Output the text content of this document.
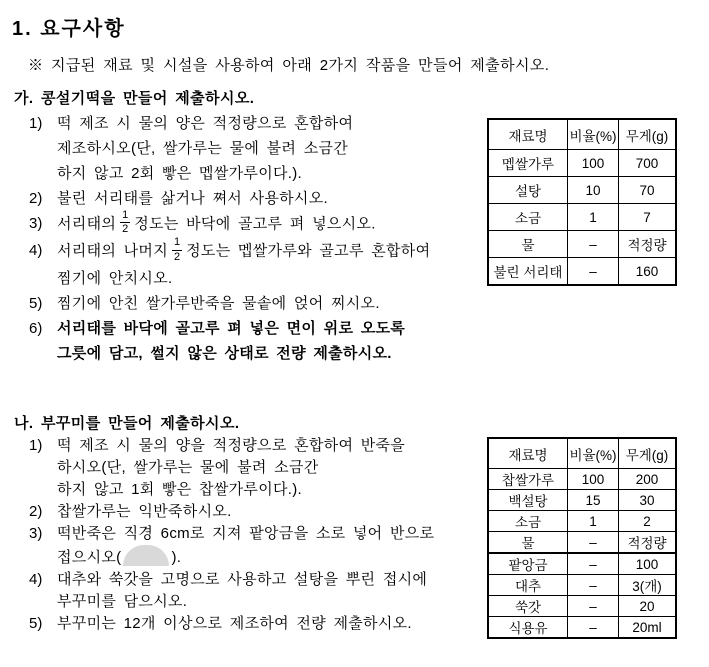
1. 요구사항

※ 지급된 재료 및 시설을 사용하여 아래 2가지 작품을 만들어 제출하시오.

가. 콩설기떡을 만들어 제출하시오.
1) 떡 제조 시 물의 양은 적정량으로 혼합하여
제조하시오(단, 쌀가루는 물에 불려 소금간
하지 않고 2회 빻은 멥쌀가루이다.).
2) 불린 서리태를 삶거나 쪄서 사용하시오.
3) 서리태의 $\frac{1}{2}$ 정도는 바닥에 골고루 펴 넣으시오.
4) 서리태의 나머지 $\frac{1}{2}$ 정도는 멥쌀가루와 골고루 혼합하여
찜기에 안치시오.
5) 찜기에 안친 쌀가루반죽을 물솥에 얹어 찌시오.
6) 서리태를 바닥에 골고루 펴 넣은 면이 위로 오도록
그릇에 담고, 썰지 않은 상태로 전량 제출하시오.
나. 부꾸미를 만들어 제출하시오.
1) 떡 제조 시 물의 양을 적정량으로 혼합하여 반죽을
하시오(단, 쌀가루는 물에 불려 소금간
하지 않고 1회 빻은 찹쌀가루이다.).
2) 찹쌀가루는 익반죽하시오.
3) 떡반죽은 직경 6cm로 지져 팥앙금을 소로 넣어 반으로
접으시오(	).
4) 대추와 쑥갓을 고명으로 사용하고 설탕을 뿌린 접시에
부꾸미를 담으시오.
5) 부꾸미는 12개 이상으로 제조하여 전량 제출하시오.
재료명	비율(%)	무게(g)
멥쌀가루	100	700
설탕	10	70
소금	1	7
물	–	적정량
불린 서리태	–	160
재료명	비율(%)	무게(g)
찹쌀가루	100	200
백설탕	15	30
소금	1	2
물	–	적정량
팥앙금	–	100
대추	–	3(개)
쑥갓	–	20
식용유	–	20ml
